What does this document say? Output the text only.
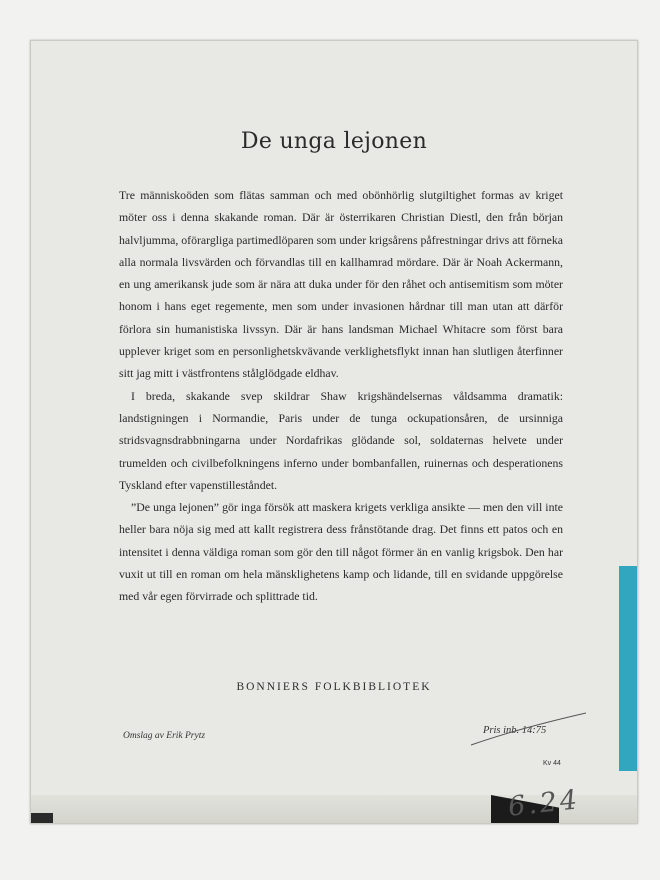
De unga lejonen

Tre människoöden som flätas samman och med obönhörlig slutgiltighet formas av kriget möter oss i denna skakande roman. Där är österrikaren Christian Diestl, den från början halvljumma, oförargliga partimedlöparen som under krigsårens påfrestningar drivs att förneka alla normala livsvärden och förvandlas till en kallhamrad mördare. Där är Noah Ackermann, en ung amerikansk jude som är nära att duka under för den råhet och antisemitism som möter honom i hans eget regemente, men som under invasionen hårdnar till man utan att därför förlora sin humanistiska livssyn. Där är hans landsman Michael Whitacre som först bara upplever kriget som en personlighetskvävande verklighetsflykt innan han slutligen återfinner sitt jag mitt i västfrontens stålglödgade eldhav.

I breda, skakande svep skildrar Shaw krigshändelsernas våldsamma dramatik: landstigningen i Normandie, Paris under de tunga ockupationsåren, de ursinniga stridsvagnsdrabbningarna under Nordafrikas glödande sol, soldaternas helvete under trumelden och civilbefolkningens inferno under bombanfallen, ruinernas och desperationens Tyskland efter vapenstilleståndet.

”De unga lejonen” gör inga försök att maskera krigets verkliga ansikte — men den vill inte heller bara nöja sig med att kallt registrera dess frånstötande drag. Det finns ett patos och en intensitet i denna väldiga roman som gör den till något förmer än en vanlig krigsbok. Den har vuxit ut till en roman om hela mänsklighetens kamp och lidande, till en svidande uppgörelse med vår egen förvirrade och splittrade tid.

BONNIERS FOLKBIBLIOTEK
Omslag av Erik Prytz	Pris inb. 14:75
Kv 44
6.24
